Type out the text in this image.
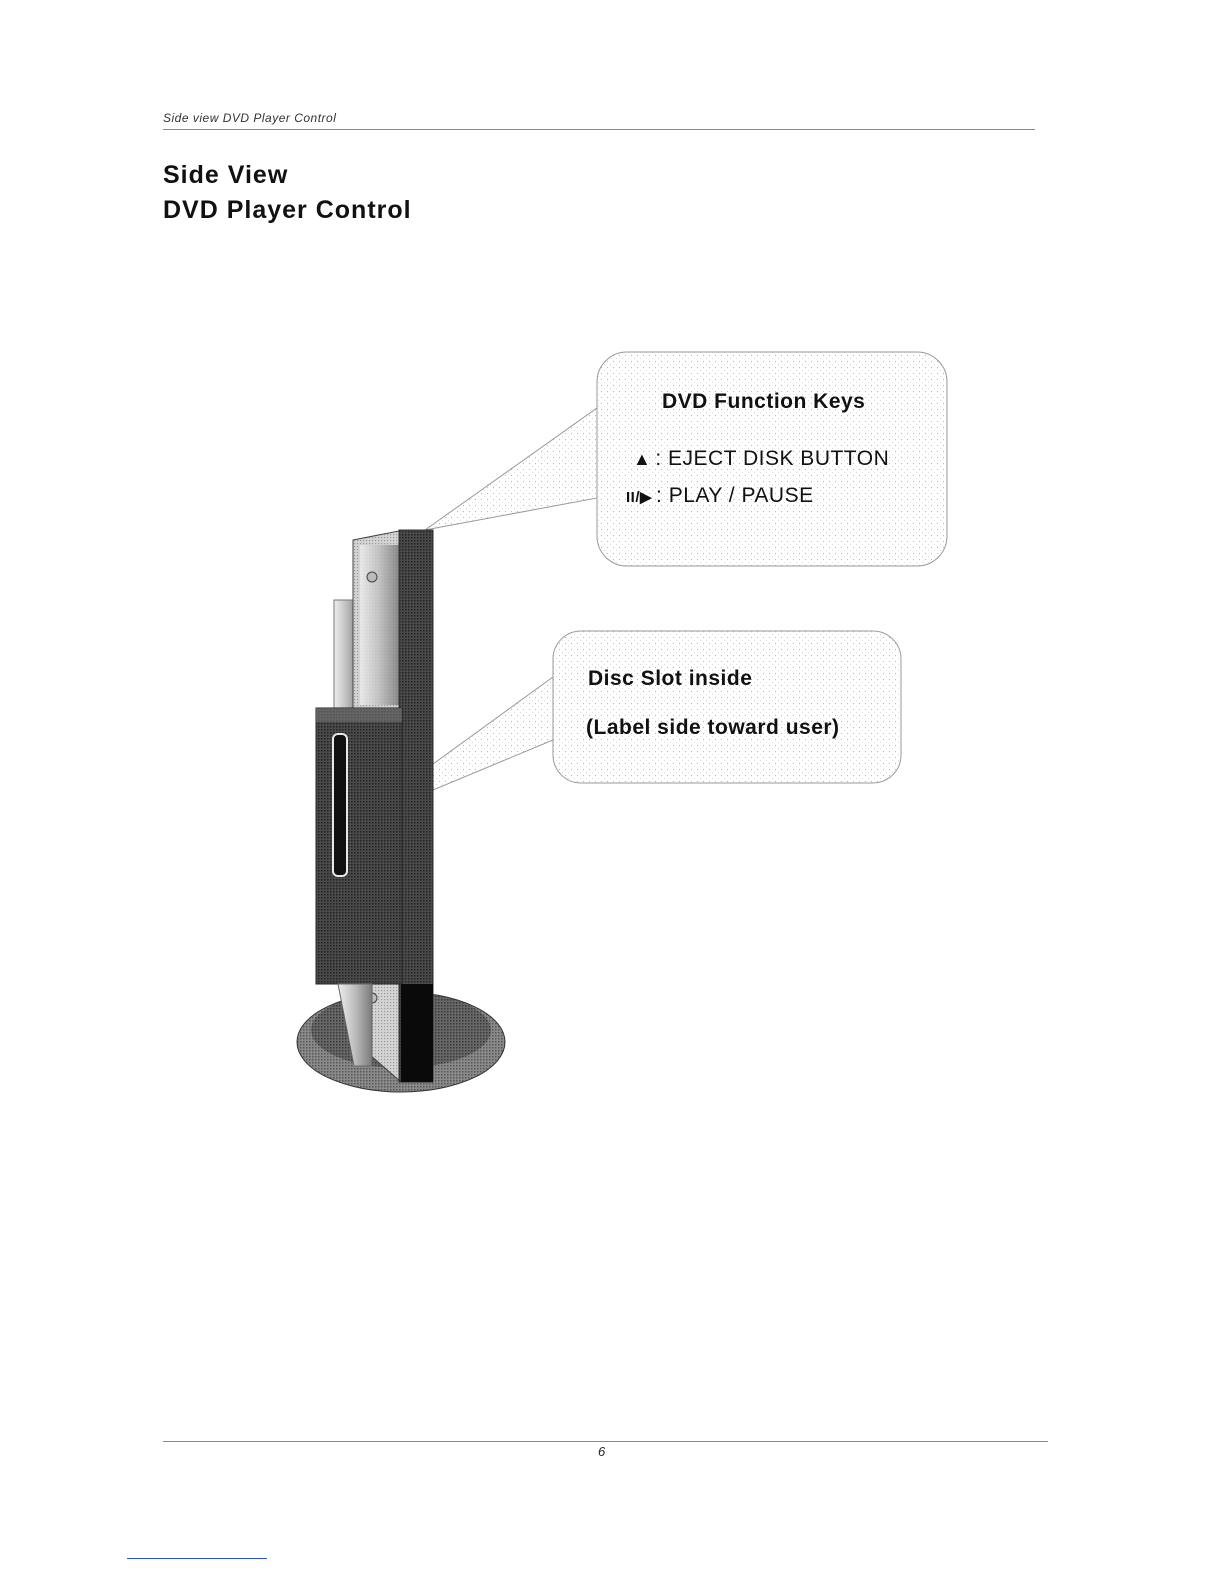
Side view DVD Player Control
Side View
DVD Player Control
DVD Function Keys
▲ : EJECT DISK BUTTON
II/▶ : PLAY / PAUSE
Disc Slot inside
(Label side toward user)
6
